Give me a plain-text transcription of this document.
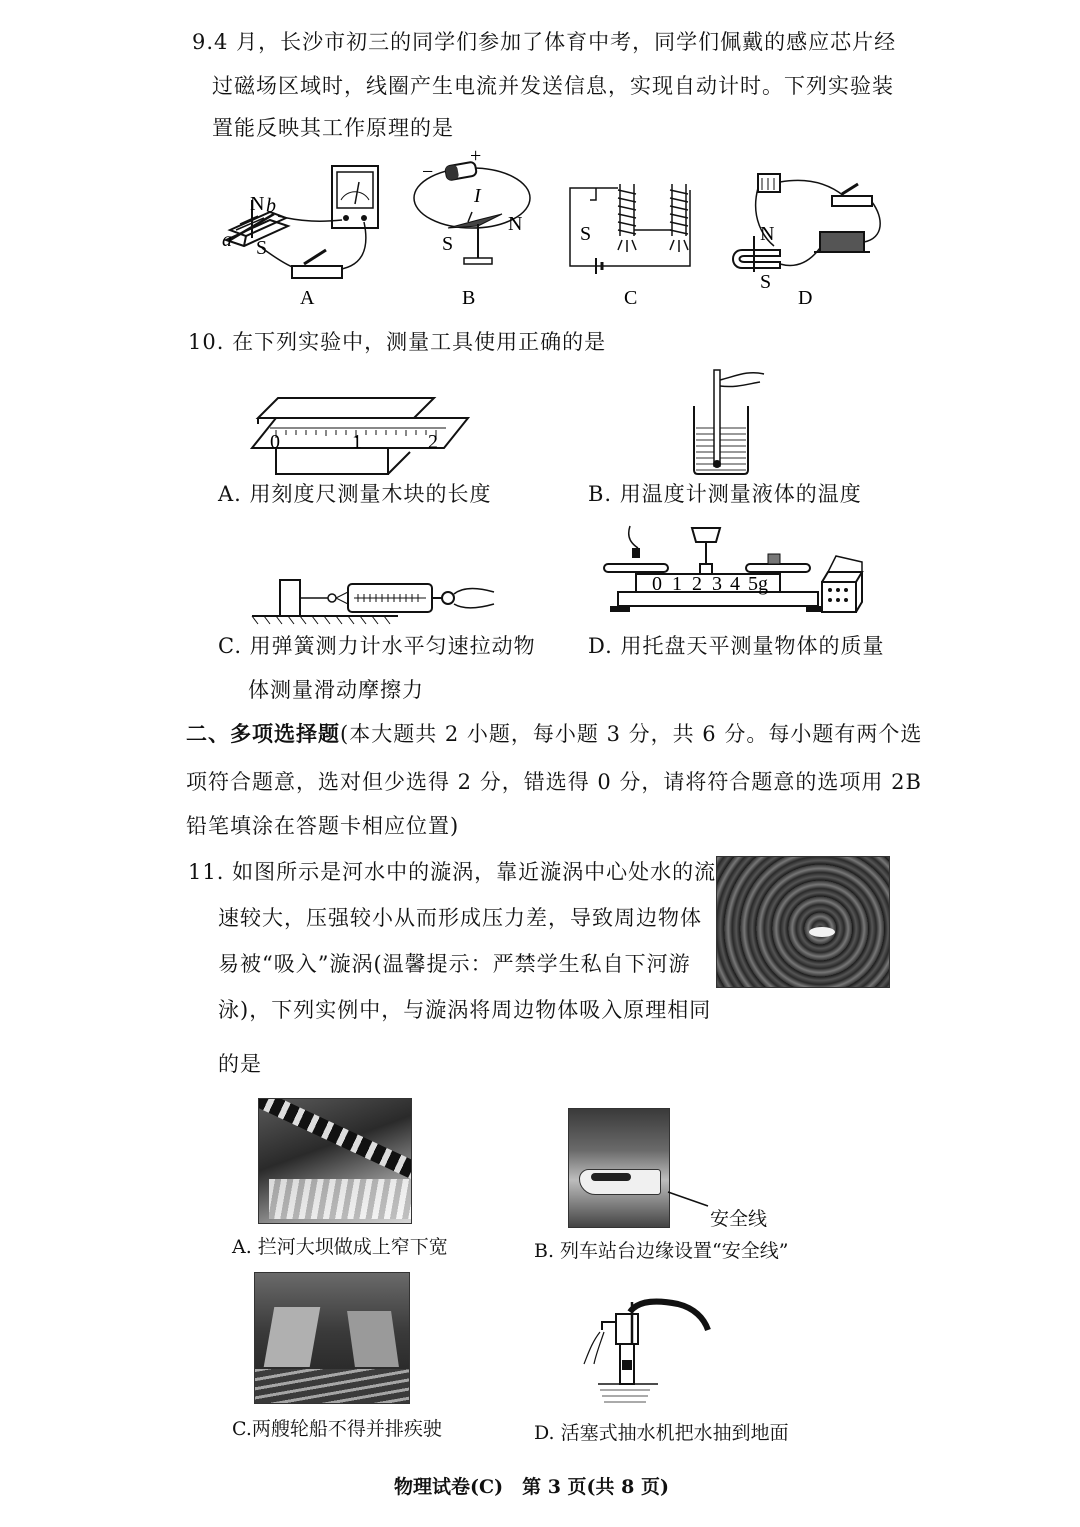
9.4 月，长沙市初三的同学们参加了体育中考，同学们佩戴的感应芯片经
过磁场区域时，线圈产生电流并发送信息，实现自动计时。下列实验装
置能反映其工作原理的是
N b
a S
A
−
+
I
S
N
B
S
C
N
S
D
10. 在下列实验中，测量工具使用正确的是
0	1	2
A. 用刻度尺测量木块的长度	B. 用温度计测量液体的温度
0 1 2 3 4 5g
C. 用弹簧测力计水平匀速拉动物 D. 用托盘天平测量物体的质量
体测量滑动摩擦力
二、多项选择题(本大题共 2 小题，每小题 3 分，共 6 分。每小题有两个选
项符合题意，选对但少选得 2 分，错选得 0 分，请将符合题意的选项用 2B
铅笔填涂在答题卡相应位置)
11. 如图所示是河水中的漩涡，靠近漩涡中心处水的流
速较大，压强较小从而形成压力差，导致周边物体
易被“吸入”漩涡(温馨提示：严禁学生私自下河游
泳)，下列实例中，与漩涡将周边物体吸入原理相同
的是
A. 拦河大坝做成上窄下宽
安全线
B. 列车站台边缘设置“安全线”
C.两艘轮船不得并排疾驶	D. 活塞式抽水机把水抽到地面
物理试卷(C)　第 3 页(共 8 页)
